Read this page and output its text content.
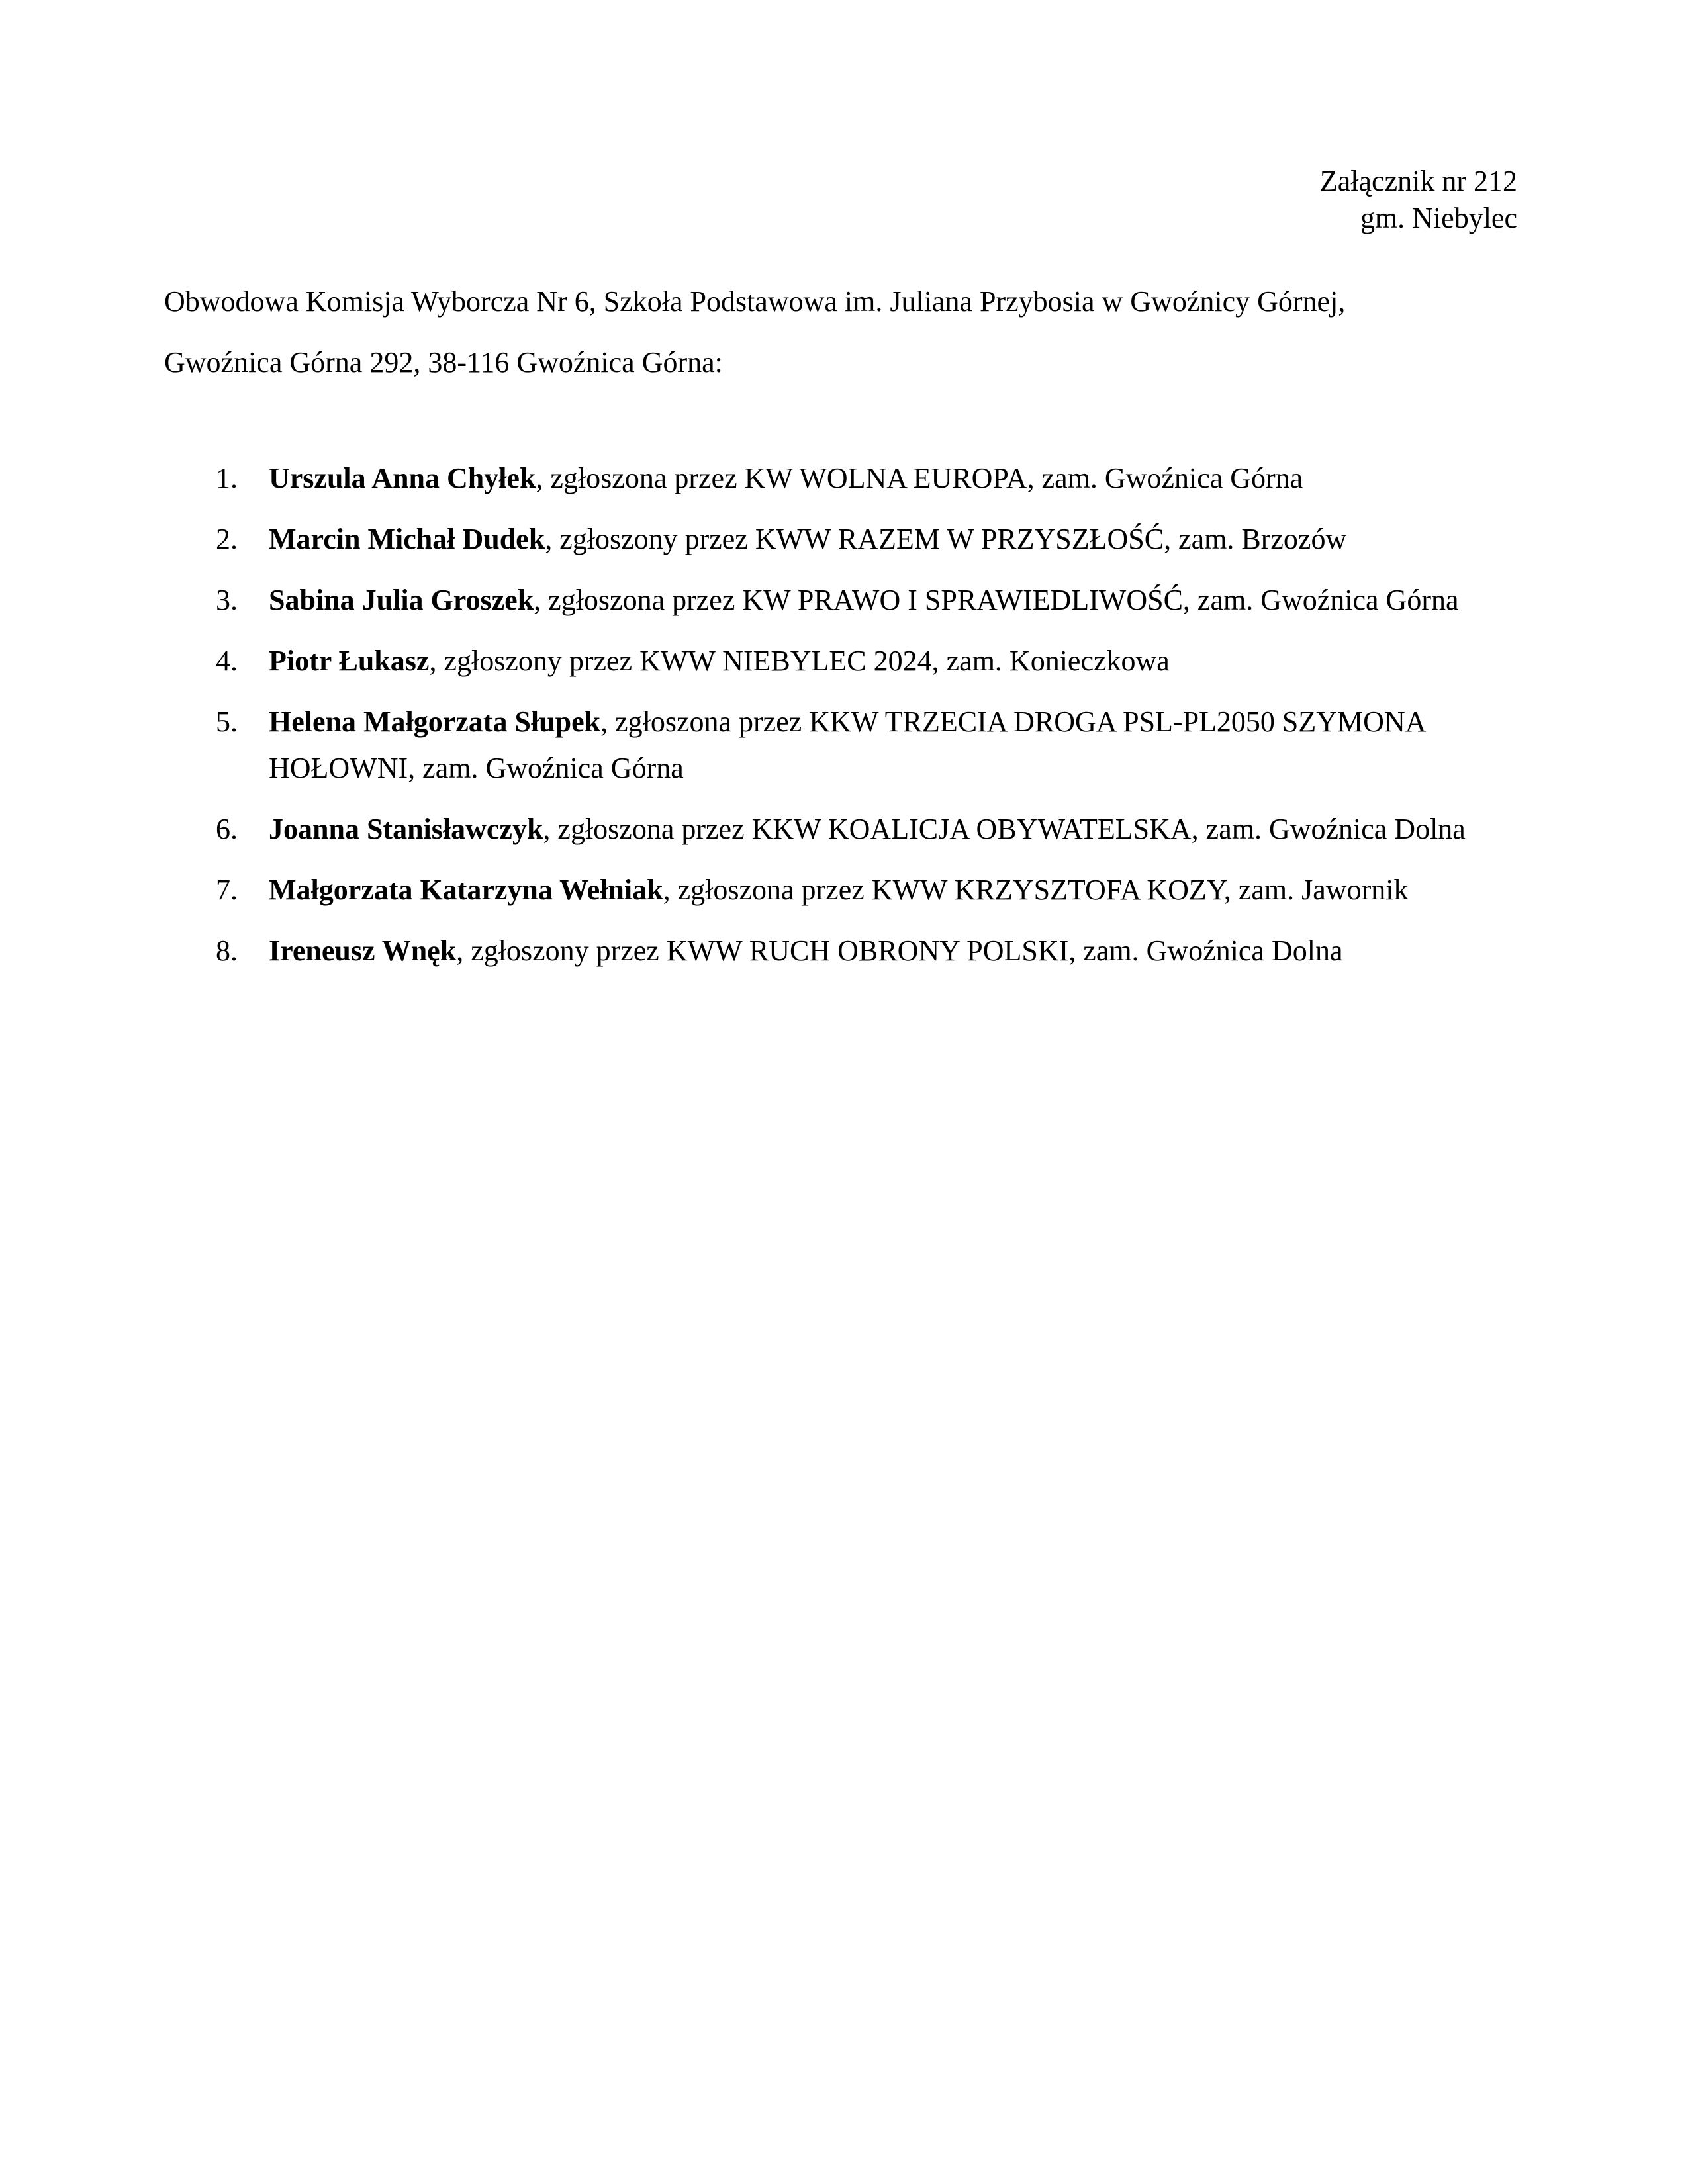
Załącznik nr 212
gm. Niebylec
Obwodowa Komisja Wyborcza Nr 6, Szkoła Podstawowa im. Juliana Przybosia w Gwoźnicy Górnej,
Gwoźnica Górna 292, 38-116 Gwoźnica Górna:
1. Urszula Anna Chyłek, zgłoszona przez KW WOLNA EUROPA, zam. Gwoźnica Górna
2. Marcin Michał Dudek, zgłoszony przez KWW RAZEM W PRZYSZŁOŚĆ, zam. Brzozów
3. Sabina Julia Groszek, zgłoszona przez KW PRAWO I SPRAWIEDLIWOŚĆ, zam. Gwoźnica Górna
4. Piotr Łukasz, zgłoszony przez KWW NIEBYLEC 2024, zam. Konieczkowa
5. Helena Małgorzata Słupek, zgłoszona przez KKW TRZECIA DROGA PSL-PL2050 SZYMONA HOŁOWNI, zam. Gwoźnica Górna
6. Joanna Stanisławczyk, zgłoszona przez KKW KOALICJA OBYWATELSKA, zam. Gwoźnica Dolna
7. Małgorzata Katarzyna Wełniak, zgłoszona przez KWW KRZYSZTOFA KOZY, zam. Jawornik
8. Ireneusz Wnęk, zgłoszony przez KWW RUCH OBRONY POLSKI, zam. Gwoźnica Dolna
